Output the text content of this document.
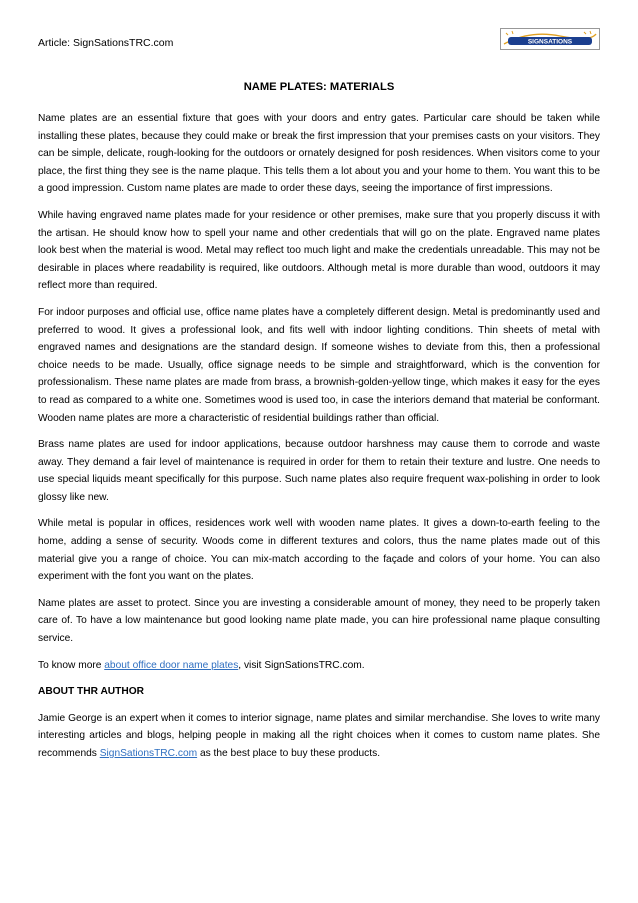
Article: SignSationsTRC.com	SIGNSATIONS
NAME PLATES: MATERIALS

Name plates are an essential fixture that goes with your doors and entry gates. Particular care should be taken while installing these plates, because they could make or break the first impression that your premises casts on your visitors. They can be simple, delicate, rough-looking for the outdoors or ornately designed for posh residences. When visitors come to your place, the first thing they see is the name plaque. This tells them a lot about you and your home to them. You want this to be a good impression. Custom name plates are made to order these days, seeing the importance of first impressions.

While having engraved name plates made for your residence or other premises, make sure that you properly discuss it with the artisan. He should know how to spell your name and other credentials that will go on the plate. Engraved name plates look best when the material is wood. Metal may reflect too much light and make the credentials unreadable. This may not be desirable in places where readability is required, like outdoors. Although metal is more durable than wood, outdoors it may reflect more than required.

For indoor purposes and official use, office name plates have a completely different design. Metal is predominantly used and preferred to wood. It gives a professional look, and fits well with indoor lighting conditions. Thin sheets of metal with engraved names and designations are the standard design. If someone wishes to deviate from this, then a professional choice needs to be made. Usually, office signage needs to be simple and straightforward, which is the convention for professionalism. These name plates are made from brass, a brownish-golden-yellow tinge, which makes it easy for the eyes to read as compared to a white one. Sometimes wood is used too, in case the interiors demand that material be conformant. Wooden name plates are more a characteristic of residential buildings rather than official.

Brass name plates are used for indoor applications, because outdoor harshness may cause them to corrode and waste away. They demand a fair level of maintenance is required in order for them to retain their texture and lustre. One needs to use special liquids meant specifically for this purpose. Such name plates also require frequent wax-polishing in order to look glossy like new.

While metal is popular in offices, residences work well with wooden name plates. It gives a down-to-earth feeling to the home, adding a sense of security. Woods come in different textures and colors, thus the name plates made out of this material give you a range of choice. You can mix-match according to the façade and colors of your home. You can also experiment with the font you want on the plates.

Name plates are asset to protect. Since you are investing a considerable amount of money, they need to be properly taken care of. To have a low maintenance but good looking name plate made, you can hire professional name plaque consulting service.

To know more about office door name plates, visit SignSationsTRC.com.

ABOUT THR AUTHOR

Jamie George is an expert when it comes to interior signage, name plates and similar merchandise. She loves to write many interesting articles and blogs, helping people in making all the right choices when it comes to custom name plates. She recommends SignSationsTRC.com as the best place to buy these products.
